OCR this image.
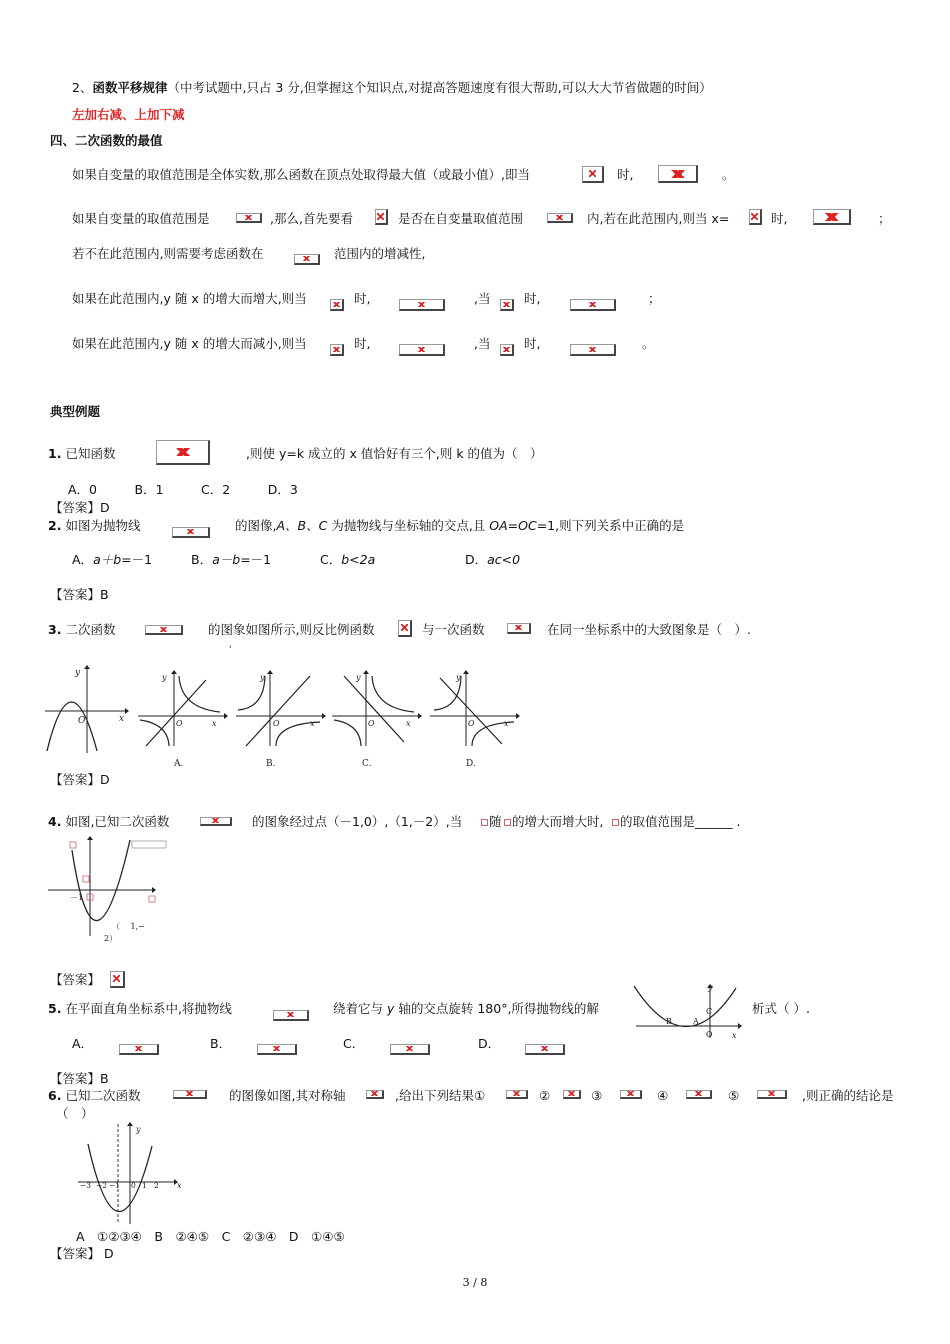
2、函数平移规律（中考试题中,只占 3 分,但掌握这个知识点,对提高答题速度有很大帮助,可以大大节省做题的时间）
左加右减、上加下减
四、二次函数的最值
如果自变量的取值范围是全体实数,那么函数在顶点处取得最大值（或最小值）,即当	时,	。
如果自变量的取值范围是	,那么,首先要看	是否在自变量取值范围	内,若在此范围内,则当 x=	时,	；
若不在此范围内,则需要考虑函数在	范围内的增减性,
如果在此范围内,y 随 x 的增大而增大,则当	时,	,当	时,	；
如果在此范围内,y 随 x 的增大而减小,则当	时,	,当	时,	。
典型例题
1. 已知函数	,则使 y=k 成立的 x 值恰好有三个,则 k 的值为（　）
A．0　　　B．1　　　C．2　　　D．3
【答案】D
2. 如图为抛物线	的图像,A、B、C 为抛物线与坐标轴的交点,且 OA=OC=1,则下列关系中正确的是
A．a＋b=－1	B．a－b=－1	C．b<2a	D．ac<0
【答案】B
3. 二次函数	的图象如图所示,则反比例函数	与一次函数	在同一坐标系中的大致图象是（　）.
'
x
y
O	x
y
O
A.
x
y
O
B.
x
y
O
C.
x
y
O
D.
【答案】D
4. 如图,已知二次函数	的图象经过点（－1,0）,（1,－2）,当 随 的增大而增大时, 的取值范围是______ .
－1
（　 1,−
2）
【答案】
5. 在平面直角坐标系中,将抛物线	绕着它与 y 轴的交点旋转 180°,所得抛物线的解	析式（ ）.
y
x
B	A
C
O
A．	B．	C．	D．
【答案】B
6. 已知二次函数	的图像如图,其对称轴	,给出下列结果①	②	③	④	⑤	,则正确的结论是
（　）
y
x
−3 −2 −1 0 1 2
A　①②③④　B　②④⑤　C　②③④　D　①④⑤
【答案】 D
3 / 8
